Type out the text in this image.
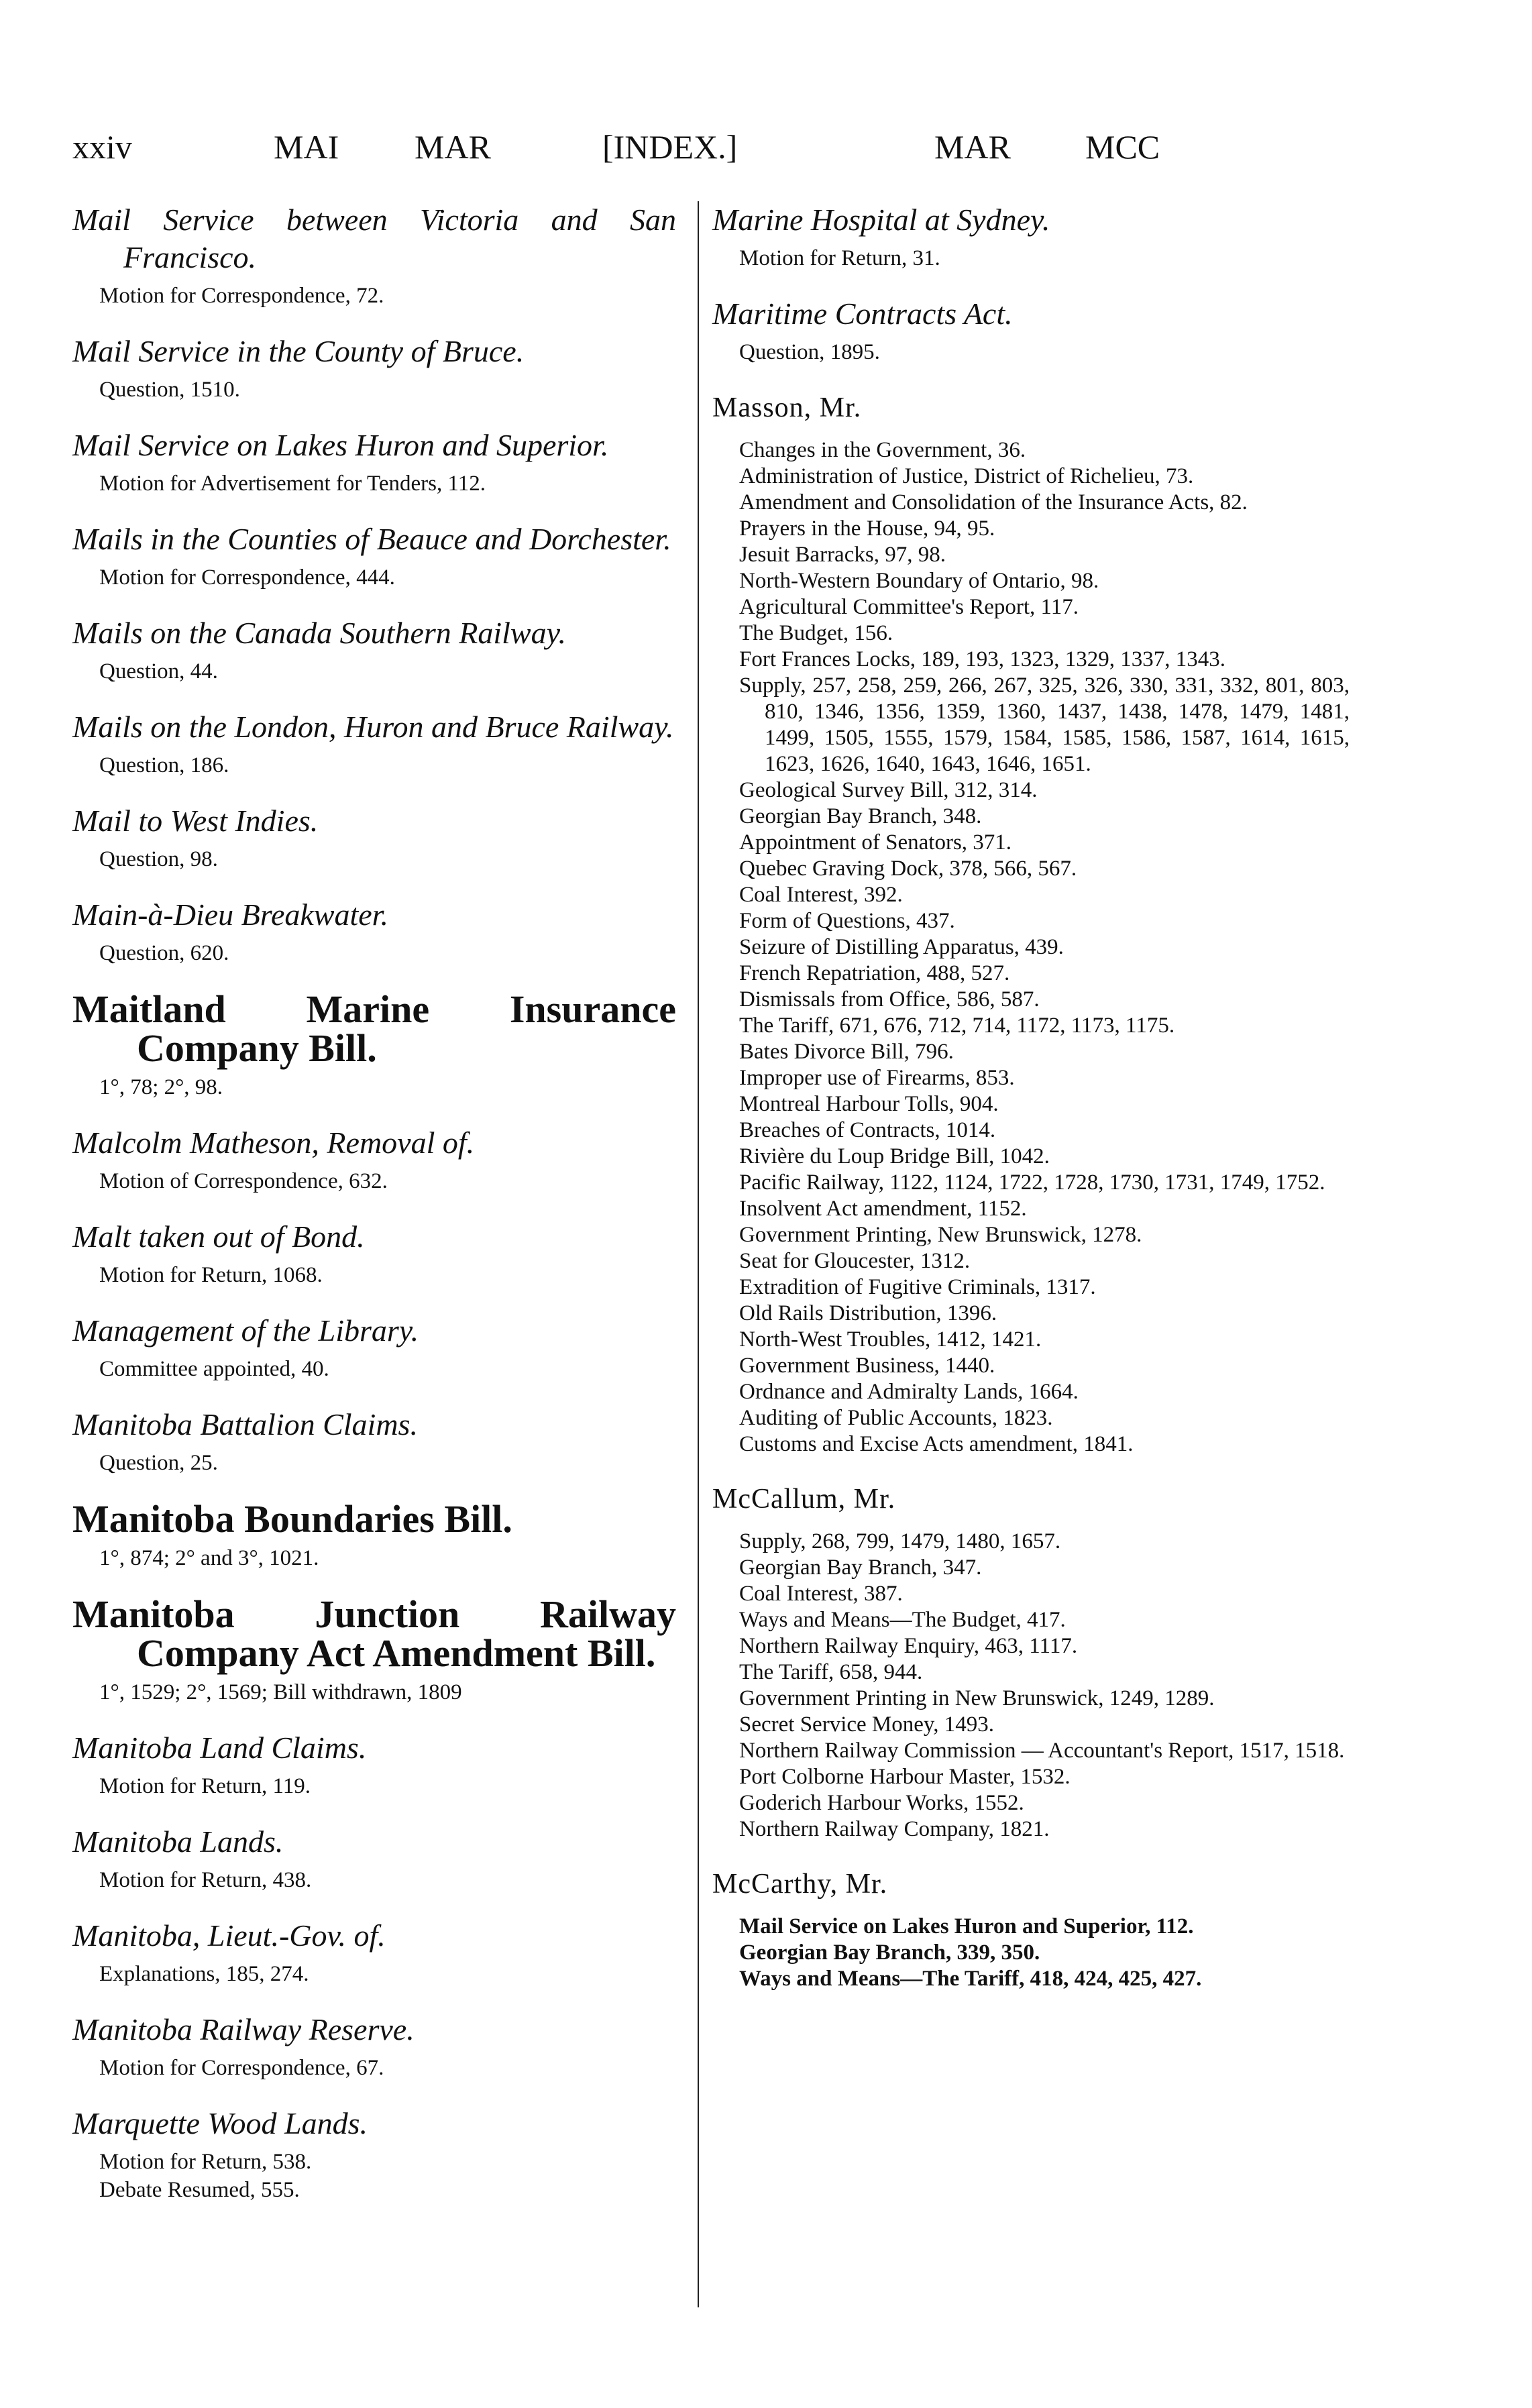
xxiv	MAI MAR	[INDEX.]	MAR MCC
Mail Service between Victoria and San Francisco.
Motion for Correspondence, 72.
Mail Service in the County of Bruce.
Question, 1510.
Mail Service on Lakes Huron and Superior.
Motion for Advertisement for Tenders, 112.
Mails in the Counties of Beauce and Dorchester.
Motion for Correspondence, 444.
Mails on the Canada Southern Railway.
Question, 44.
Mails on the London, Huron and Bruce Railway.
Question, 186.
Mail to West Indies.
Question, 98.
Main-à-Dieu Breakwater.
Question, 620.
Maitland Marine Insurance Company Bill.
1°, 78; 2°, 98.
Malcolm Matheson, Removal of.
Motion of Correspondence, 632.
Malt taken out of Bond.
Motion for Return, 1068.
Management of the Library.
Committee appointed, 40.
Manitoba Battalion Claims.
Question, 25.
Manitoba Boundaries Bill.
1°, 874; 2° and 3°, 1021.
Manitoba Junction Railway Company Act Amendment Bill.
1°, 1529; 2°, 1569; Bill withdrawn, 1809
Manitoba Land Claims.
Motion for Return, 119.
Manitoba Lands.
Motion for Return, 438.
Manitoba, Lieut.-Gov. of.
Explanations, 185, 274.
Manitoba Railway Reserve.
Motion for Correspondence, 67.
Marquette Wood Lands.
Motion for Return, 538.
Debate Resumed, 555.
Marine Hospital at Sydney.
Motion for Return, 31.
Maritime Contracts Act.
Question, 1895.
Masson, Mr.
Changes in the Government, 36.
Administration of Justice, District of Richelieu, 73.
Amendment and Consolidation of the Insurance Acts, 82.
Prayers in the House, 94, 95.
Jesuit Barracks, 97, 98.
North-Western Boundary of Ontario, 98.
Agricultural Committee's Report, 117.
The Budget, 156.
Fort Frances Locks, 189, 193, 1323, 1329, 1337, 1343.
Supply, 257, 258, 259, 266, 267, 325, 326, 330, 331, 332, 801, 803, 810, 1346, 1356, 1359, 1360, 1437, 1438, 1478, 1479, 1481, 1499, 1505, 1555, 1579, 1584, 1585, 1586, 1587, 1614, 1615, 1623, 1626, 1640, 1643, 1646, 1651.
Geological Survey Bill, 312, 314.
Georgian Bay Branch, 348.
Appointment of Senators, 371.
Quebec Graving Dock, 378, 566, 567.
Coal Interest, 392.
Form of Questions, 437.
Seizure of Distilling Apparatus, 439.
French Repatriation, 488, 527.
Dismissals from Office, 586, 587.
The Tariff, 671, 676, 712, 714, 1172, 1173, 1175.
Bates Divorce Bill, 796.
Improper use of Firearms, 853.
Montreal Harbour Tolls, 904.
Breaches of Contracts, 1014.
Rivière du Loup Bridge Bill, 1042.
Pacific Railway, 1122, 1124, 1722, 1728, 1730, 1731, 1749, 1752.
Insolvent Act amendment, 1152.
Government Printing, New Brunswick, 1278.
Seat for Gloucester, 1312.
Extradition of Fugitive Criminals, 1317.
Old Rails Distribution, 1396.
North-West Troubles, 1412, 1421.
Government Business, 1440.
Ordnance and Admiralty Lands, 1664.
Auditing of Public Accounts, 1823.
Customs and Excise Acts amendment, 1841.
McCallum, Mr.
Supply, 268, 799, 1479, 1480, 1657.
Georgian Bay Branch, 347.
Coal Interest, 387.
Ways and Means—The Budget, 417.
Northern Railway Enquiry, 463, 1117.
The Tariff, 658, 944.
Government Printing in New Brunswick, 1249, 1289.
Secret Service Money, 1493.
Northern Railway Commission — Accountant's Report, 1517, 1518.
Port Colborne Harbour Master, 1532.
Goderich Harbour Works, 1552.
Northern Railway Company, 1821.
McCarthy, Mr.
Mail Service on Lakes Huron and Superior, 112.
Georgian Bay Branch, 339, 350.
Ways and Means—The Tariff, 418, 424, 425, 427.
